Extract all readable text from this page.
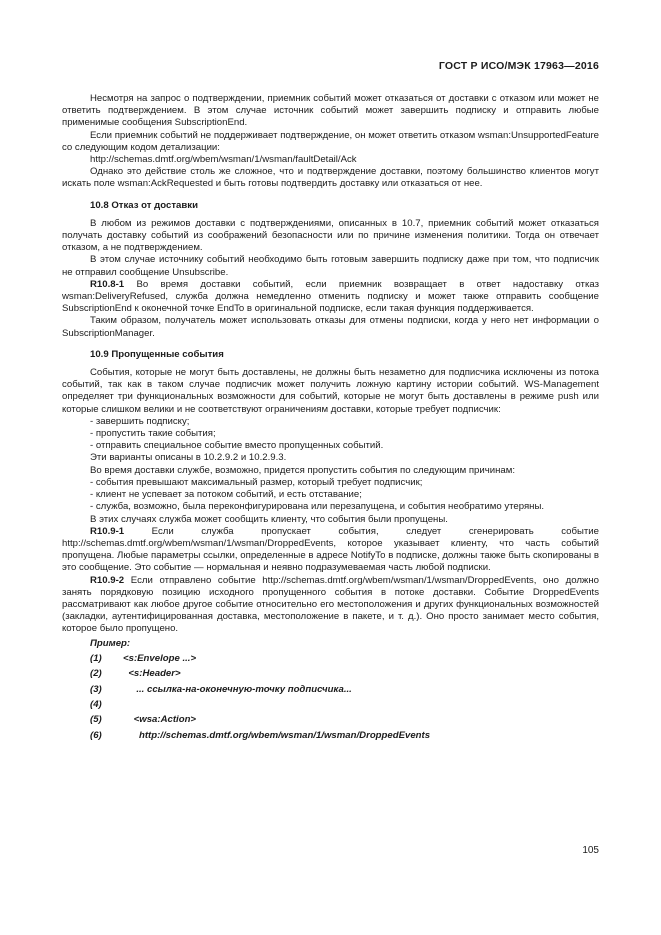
ГОСТ Р ИСО/МЭК 17963—2016

Несмотря на запрос о подтверждении, приемник событий может отказаться от доставки с отказом или может не ответить подтверждением. В этом случае источник событий может завершить подписку и отправить любые применимые сообщения SubscriptionEnd.

Если приемник событий не поддерживает подтверждение, он может ответить отказом wsman:UnsupportedFeature со следующим кодом детализации:

http://schemas.dmtf.org/wbem/wsman/1/wsman/faultDetail/Ack

Однако это действие столь же сложное, что и подтверждение доставки, поэтому большинство клиентов могут искать поле wsman:AckRequested и быть готовы подтвердить доставку или отказаться от нее.

10.8 Отказ от доставки

В любом из режимов доставки с подтверждениями, описанных в 10.7, приемник событий может отказаться получать доставку событий из соображений безопасности или по причине изменения политики. Тогда он отвечает отказом, а не подтверждением.

В этом случае источнику событий необходимо быть готовым завершить подписку даже при том, что подписчик не отправил сообщение Unsubscribe.

R10.8-1 Во время доставки событий, если приемник возвращает в ответ надоставку отказ wsman:DeliveryRefused, служба должна немедленно отменить подписку и может также отправить сообщение SubscriptionEnd к оконечной точке EndTo в оригинальной подписке, если такая функция поддерживается.

Таким образом, получатель может использовать отказы для отмены подписки, когда у него нет информации о SubscriptionManager.

10.9 Пропущенные события

События, которые не могут быть доставлены, не должны быть незаметно для подписчика исключены из потока событий, так как в таком случае подписчик может получить ложную картину истории событий. WS-Management определяет три функциональных возможности для событий, которые не могут быть доставлены в режиме push или которые слишком велики и не соответствуют ограничениям доставки, которые требует подписчик:

- завершить подписку;

- пропустить такие события;

- отправить специальное событие вместо пропущенных событий.

Эти варианты описаны в 10.2.9.2 и 10.2.9.3.

Во время доставки службе, возможно, придется пропустить события по следующим причинам:

- события превышают максимальный размер, который требует подписчик;

- клиент не успевает за потоком событий, и есть отставание;

- служба, возможно, была переконфигурирована или перезапущена, и события необратимо утеряны.

В этих случаях служба может сообщить клиенту, что события были пропущены.

R10.9-1	Если служба пропускает события, следует сгенерировать событие http://schemas.dmtf.org/wbem/wsman/1/wsman/DroppedEvents, которое указывает клиенту, что часть событий пропущена. Любые параметры ссылки, определенные в адресе NotifyTo в подписке, должны также быть скопированы в это сообщение. Это событие — нормальная и неявно подразумеваемая часть любой подписки.

R10.9-2 Если отправлено событие http://schemas.dmtf.org/wbem/wsman/1/wsman/DroppedEvents, оно должно занять порядковую позицию исходного пропущенного события в потоке доставки. Событие DroppedEvents рассматривают как любое другое событие относительно его местоположения и других функциональных возможностей (закладки, аутентифицированная доставка, местоположение в пакете, и т. д.). Оно просто занимает место события, которое было пропущено.

Пример:

(1) <s:Envelope ...>

(2)  <s:Header>

(3)     ... ссылка-на-оконечную-точку подписчика...

(4)

(5)    <wsa:Action>

(6)      http://schemas.dmtf.org/wbem/wsman/1/wsman/DroppedEvents

105
